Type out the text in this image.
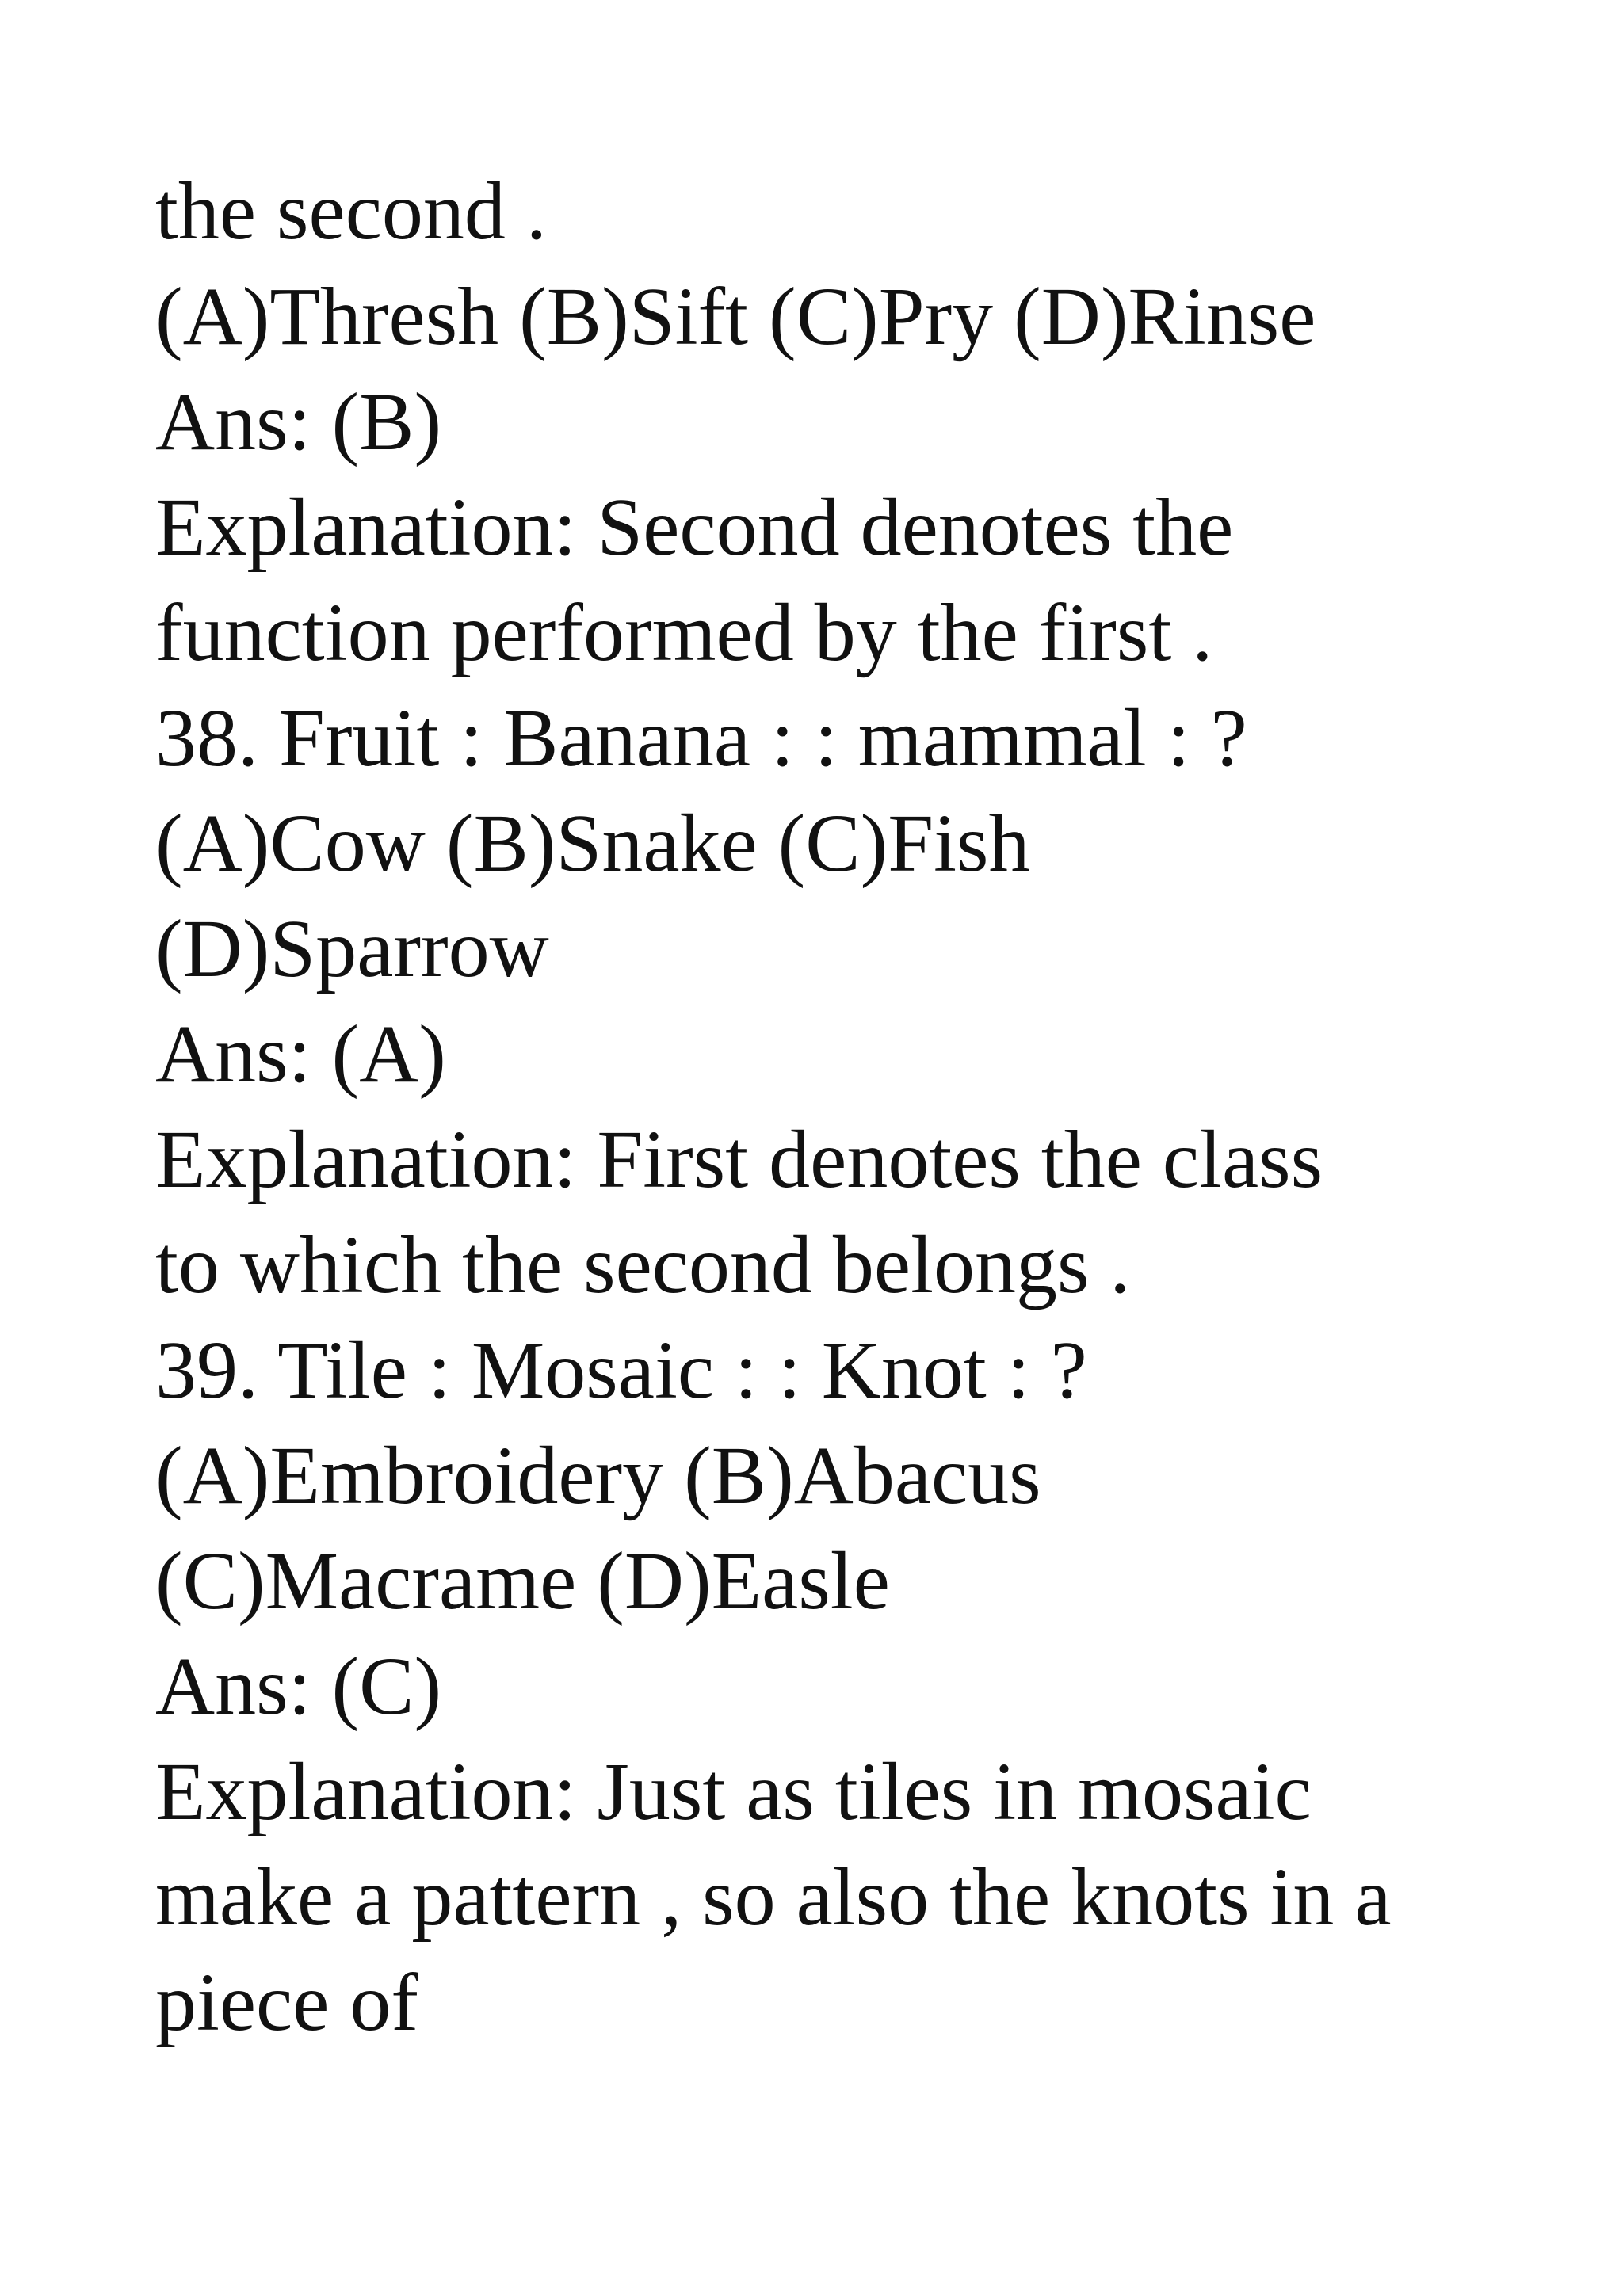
the second .
(A)Thresh (B)Sift (C)Pry (D)Rinse
Ans: (B)
Explanation: Second denotes the
function performed by the first .
38. Fruit : Banana : : mammal : ?
(A)Cow (B)Snake (C)Fish
(D)Sparrow
Ans: (A)
Explanation: First denotes the class
to which the second belongs .
39. Tile : Mosaic : : Knot : ?
(A)Embroidery (B)Abacus
(C)Macrame (D)Easle
Ans: (C)
Explanation: Just as tiles in mosaic
make a pattern , so also the knots in a
piece of
